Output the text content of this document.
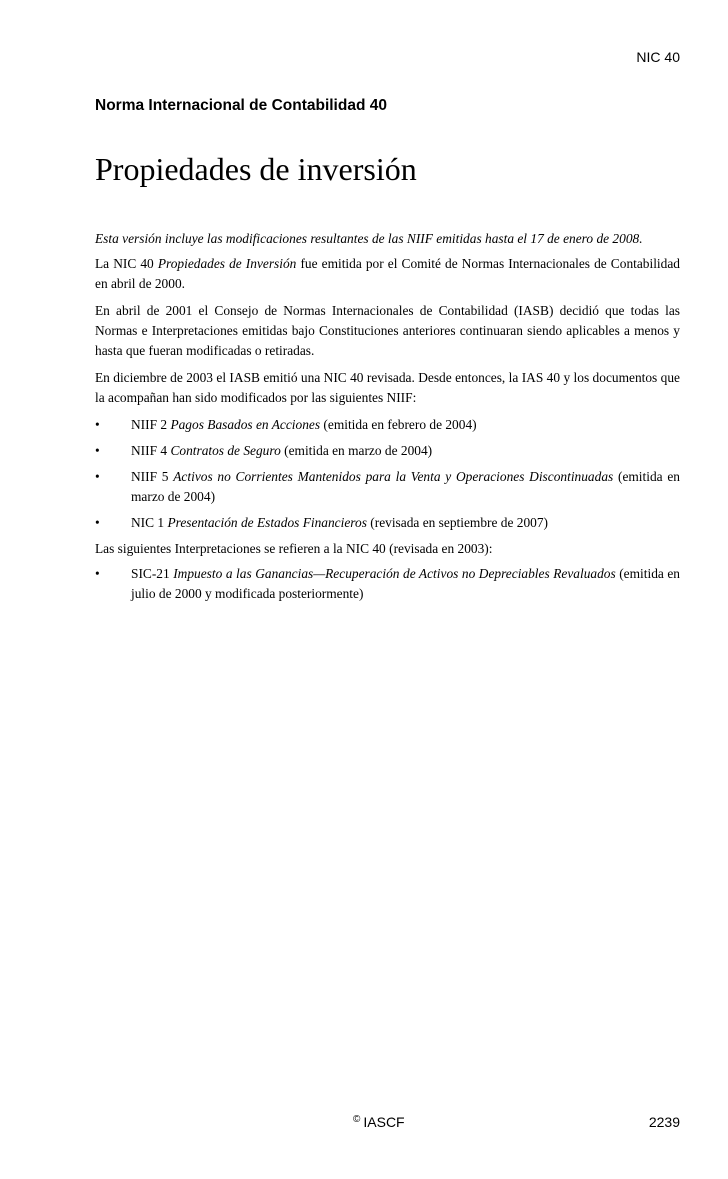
NIC 40
Norma Internacional de Contabilidad 40
Propiedades de inversión

Esta versión incluye las modificaciones resultantes de las NIIF emitidas hasta el 17 de enero de 2008.

La NIC 40 Propiedades de Inversión fue emitida por el Comité de Normas Internacionales de Contabilidad en abril de 2000.

En abril de 2001 el Consejo de Normas Internacionales de Contabilidad (IASB) decidió que todas las Normas e Interpretaciones emitidas bajo Constituciones anteriores continuaran siendo aplicables a menos y hasta que fueran modificadas o retiradas.

En diciembre de 2003 el IASB emitió una NIC 40 revisada. Desde entonces, la IAS 40 y los documentos que la acompañan han sido modificados por las siguientes NIIF:

• NIIF 2 Pagos Basados en Acciones (emitida en febrero de 2004)
• NIIF 4 Contratos de Seguro (emitida en marzo de 2004)
• NIIF 5 Activos no Corrientes Mantenidos para la Venta y Operaciones Discontinuadas (emitida en marzo de 2004)
• NIC 1 Presentación de Estados Financieros (revisada en septiembre de 2007)

Las siguientes Interpretaciones se refieren a la NIC 40 (revisada en 2003):

• SIC-21 Impuesto a las Ganancias—Recuperación de Activos no Depreciables Revaluados (emitida en julio de 2000 y modificada posteriormente)
© IASCF	2239
